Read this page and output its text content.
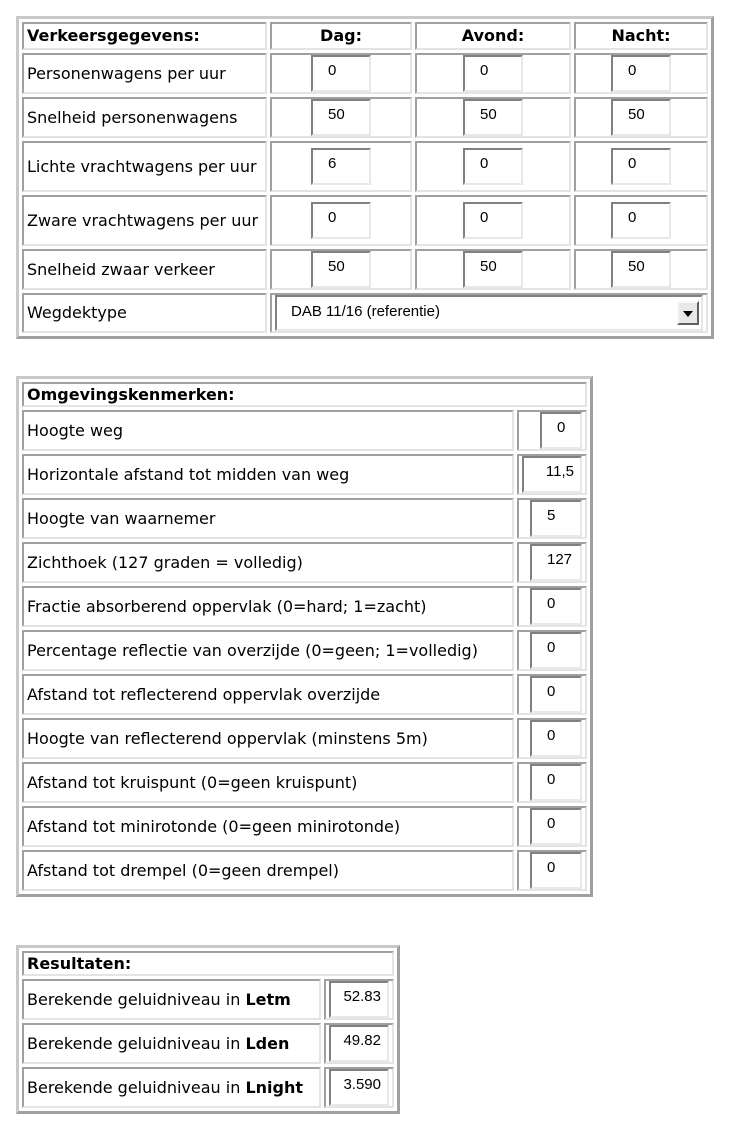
Verkeersgegevens:	Dag:	Avond:	Nacht:
Personenwagens per uur	0	0	0
Snelheid personenwagens	50	50	50
Lichte vrachtwagens per uur	6	0	0
Zware vrachtwagens per uur	0	0	0
Snelheid zwaar verkeer	50	50	50
Wegdektype	DAB 11/16 (referentie)		
Omgevingskenmerken:	
Hoogte weg	0
Horizontale afstand tot midden van weg	11,5
Hoogte van waarnemer	5
Zichthoek (127 graden = volledig)	127
Fractie absorberend oppervlak (0=hard; 1=zacht)	0
Percentage reflectie van overzijde (0=geen; 1=volledig)	0
Afstand tot reflecterend oppervlak overzijde	0
Hoogte van reflecterend oppervlak (minstens 5m)	0
Afstand tot kruispunt (0=geen kruispunt)	0
Afstand tot minirotonde (0=geen minirotonde)	0
Afstand tot drempel (0=geen drempel)	0
Resultaten:	
Berekende geluidniveau in Letm	52.83
Berekende geluidniveau in Lden	49.82
Berekende geluidniveau in Lnight	3.590
